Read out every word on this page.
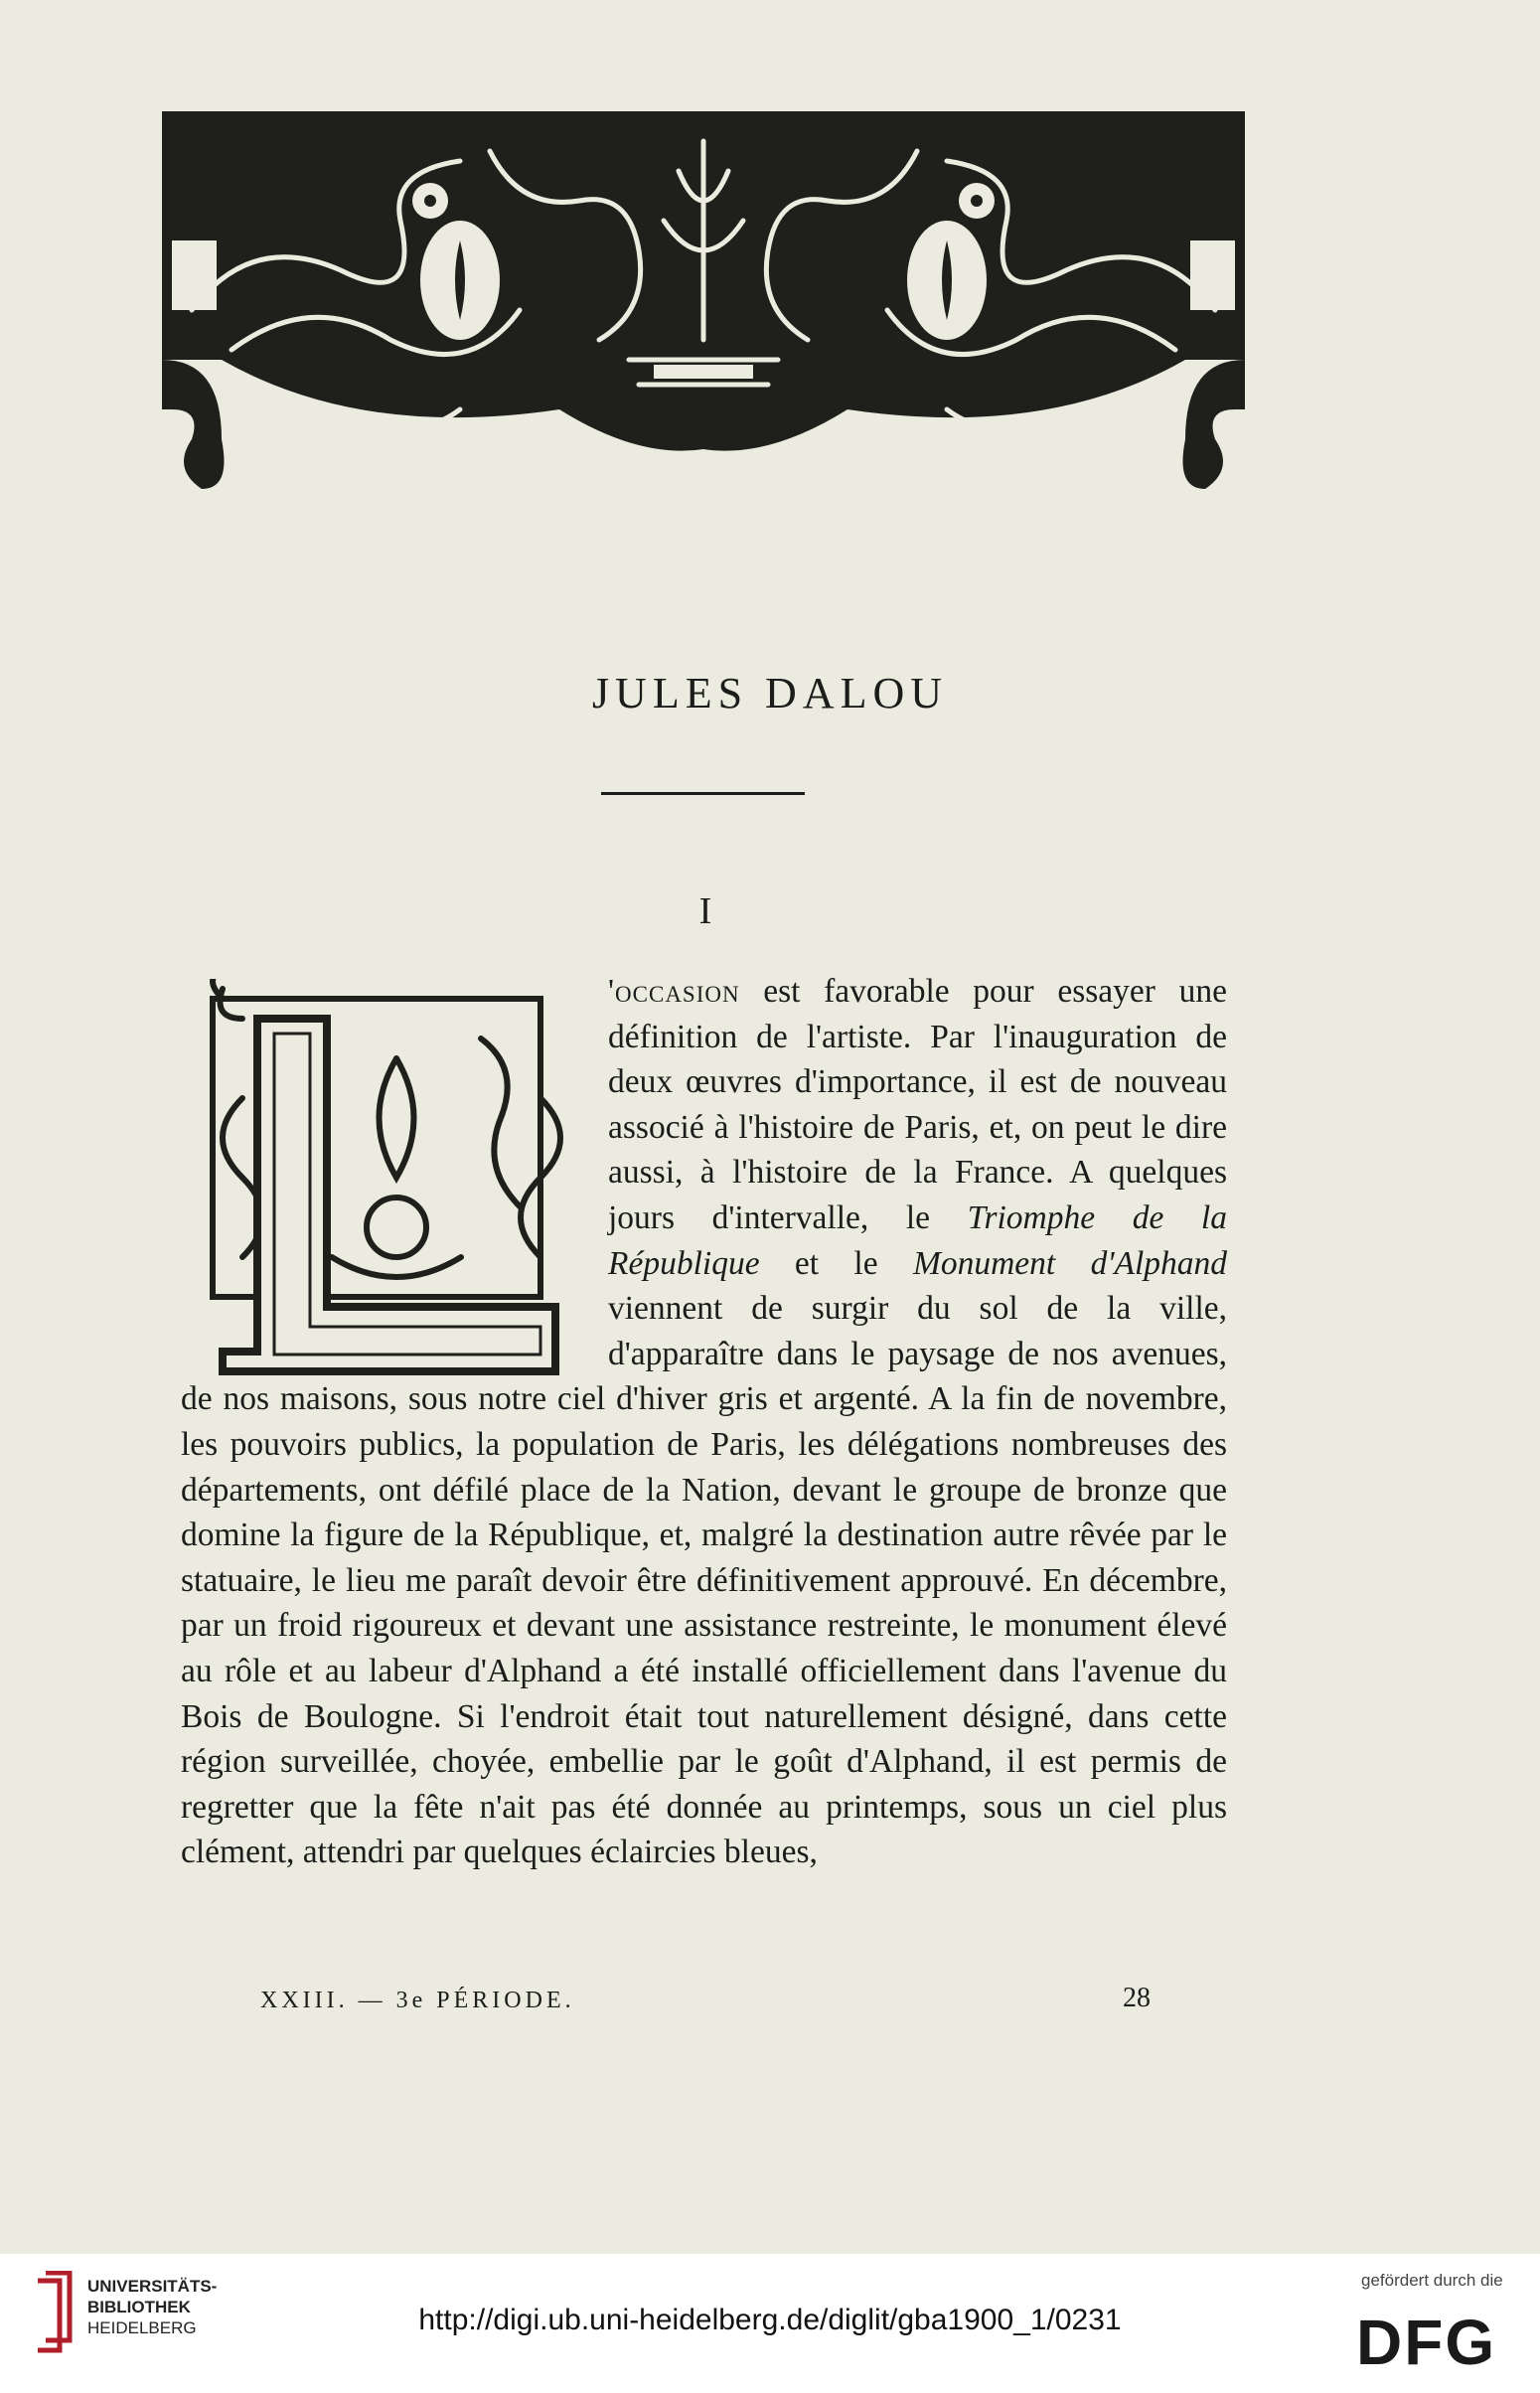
JULES DALOU
I

'occasion est favorable pour essayer une définition de l'artiste. Par l'inauguration de deux œuvres d'importance, il est de nouveau associé à l'histoire de Paris, et, on peut le dire aussi, à l'histoire de la France. A quelques jours d'intervalle, le Triomphe de la République et le Monument d'Alphand viennent de surgir du sol de la ville, d'apparaître dans le paysage de nos avenues, de nos maisons, sous notre ciel d'hiver gris et argenté. A la fin de novembre, les pouvoirs publics, la population de Paris, les délégations nombreuses des départements, ont défilé place de la Nation, devant le groupe de bronze que domine la figure de la République, et, malgré la destination autre rêvée par le statuaire, le lieu me paraît devoir être définitivement approuvé. En décembre, par un froid rigoureux et devant une assistance restreinte, le monument élevé au rôle et au labeur d'Alphand a été installé officiellement dans l'avenue du Bois de Boulogne. Si l'endroit était tout naturellement désigné, dans cette région surveillée, choyée, embellie par le goût d'Alphand, il est permis de regretter que la fête n'ait pas été donnée au printemps, sous un ciel plus clément, attendri par quelques éclaircies bleues,

XXIII. — 3e PÉRIODE.	28
UNIVERSITÄTS-
BIBLIOTHEK
HEIDELBERG	http://digi.ub.uni-heidelberg.de/diglit/gba1900_1/0231
gefördert durch die
DFG
